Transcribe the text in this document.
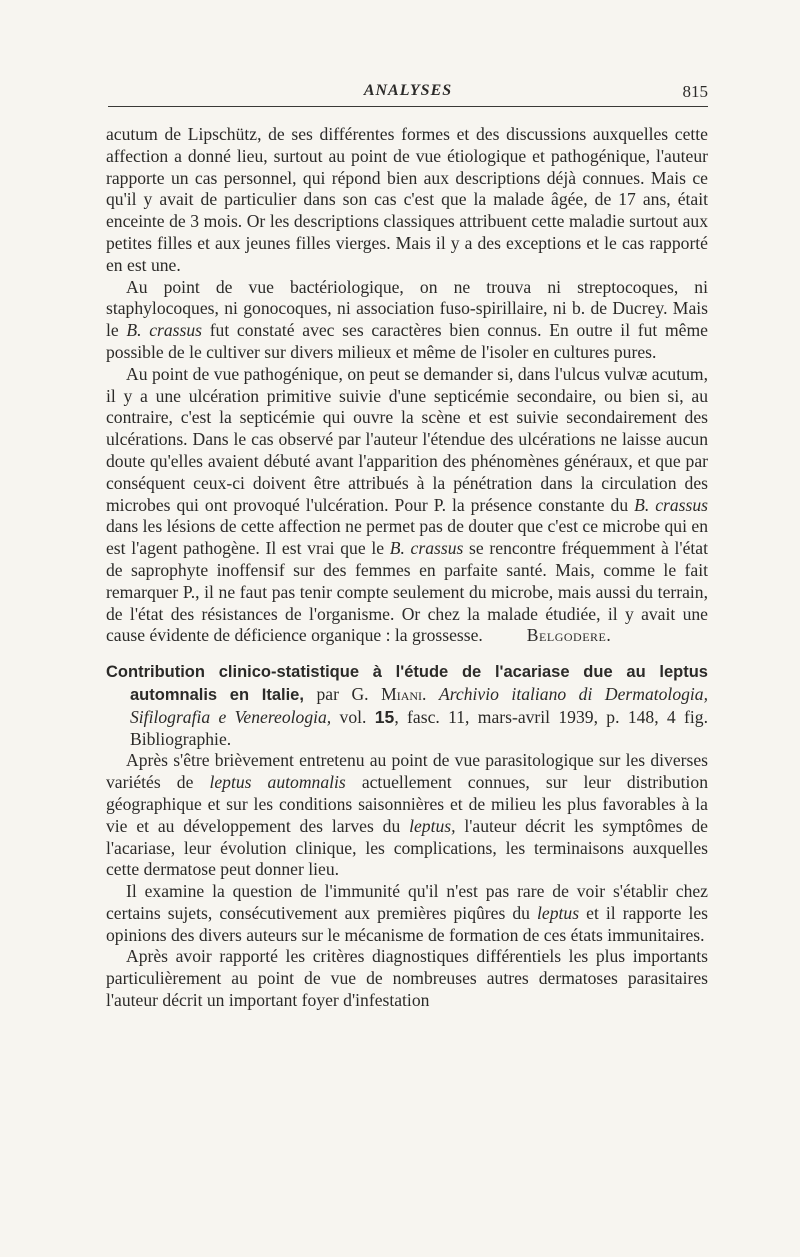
ANALYSES	815

acutum de Lipschütz, de ses différentes formes et des discussions auxquelles cette affection a donné lieu, surtout au point de vue étiologique et pathogénique, l'auteur rapporte un cas personnel, qui répond bien aux descriptions déjà connues. Mais ce qu'il y avait de particulier dans son cas c'est que la malade âgée, de 17 ans, était enceinte de 3 mois. Or les descriptions classiques attribuent cette maladie surtout aux petites filles et aux jeunes filles vierges. Mais il y a des exceptions et le cas rapporté en est une.

Au point de vue bactériologique, on ne trouva ni streptocoques, ni staphylocoques, ni gonocoques, ni association fuso-spirillaire, ni b. de Ducrey. Mais le B. crassus fut constaté avec ses caractères bien connus. En outre il fut même possible de le cultiver sur divers milieux et même de l'isoler en cultures pures.

Au point de vue pathogénique, on peut se demander si, dans l'ulcus vulvæ acutum, il y a une ulcération primitive suivie d'une septicémie secondaire, ou bien si, au contraire, c'est la septicémie qui ouvre la scène et est suivie secondairement des ulcérations. Dans le cas observé par l'auteur l'étendue des ulcérations ne laisse aucun doute qu'elles avaient débuté avant l'apparition des phénomènes généraux, et que par conséquent ceux-ci doivent être attribués à la pénétration dans la circulation des microbes qui ont provoqué l'ulcération. Pour P. la présence constante du B. crassus dans les lésions de cette affection ne permet pas de douter que c'est ce microbe qui en est l'agent pathogène. Il est vrai que le B. crassus se rencontre fréquemment à l'état de saprophyte inoffensif sur des femmes en parfaite santé. Mais, comme le fait remarquer P., il ne faut pas tenir compte seulement du microbe, mais aussi du terrain, de l'état des résistances de l'organisme. Or chez la malade étudiée, il y avait une cause évidente de déficience organique : la grossesse. Belgodere.

Contribution clinico-statistique à l'étude de l'acariase due au leptus automnalis en Italie, par G. Miani. Archivio italiano di Dermatologia, Sifilografia e Venereologia, vol. 15, fasc. 11, mars-avril 1939, p. 148, 4 fig. Bibliographie.

Après s'être brièvement entretenu au point de vue parasitologique sur les diverses variétés de leptus automnalis actuellement connues, sur leur distribution géographique et sur les conditions saisonnières et de milieu les plus favorables à la vie et au développement des larves du leptus, l'auteur décrit les symptômes de l'acariase, leur évolution clinique, les complications, les terminaisons auxquelles cette dermatose peut donner lieu.

Il examine la question de l'immunité qu'il n'est pas rare de voir s'établir chez certains sujets, consécutivement aux premières piqûres du leptus et il rapporte les opinions des divers auteurs sur le mécanisme de formation de ces états immunitaires.

Après avoir rapporté les critères diagnostiques différentiels les plus importants particulièrement au point de vue de nombreuses autres dermatoses parasitaires l'auteur décrit un important foyer d'infestation
